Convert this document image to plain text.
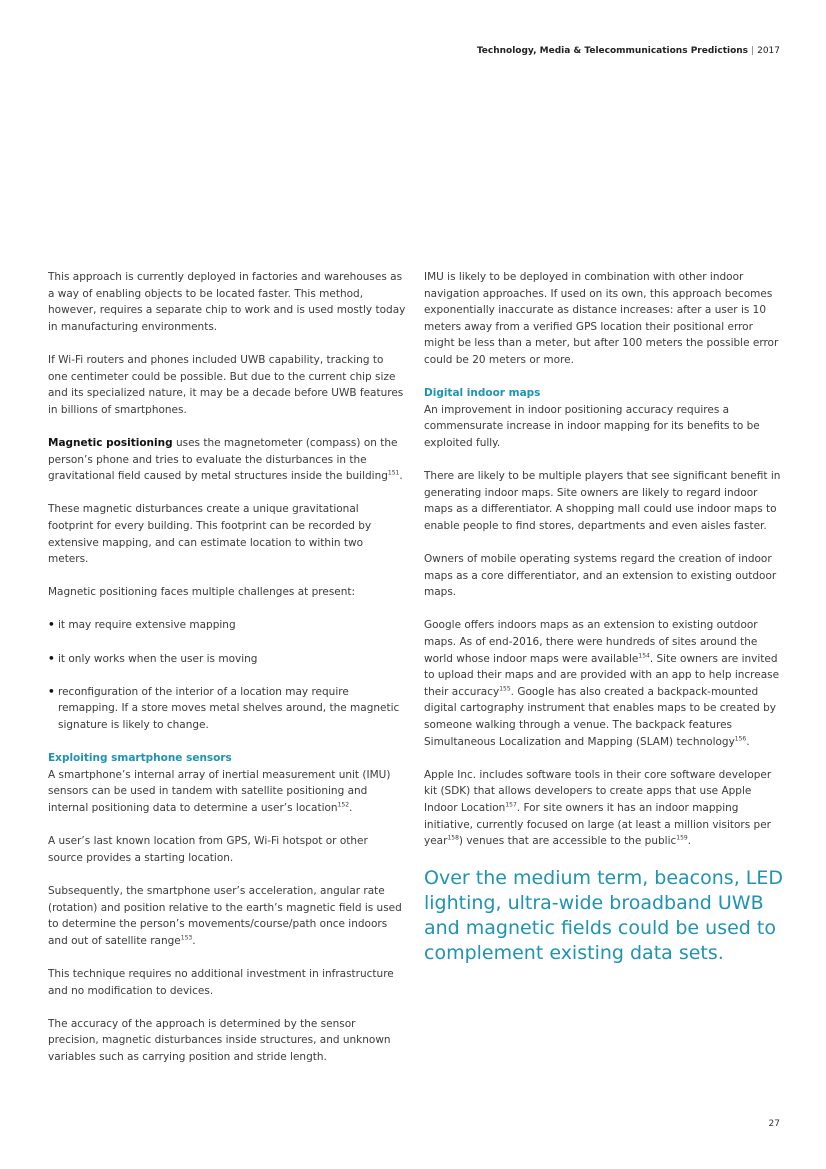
Technology, Media & Telecommunications Predictions | 2017

This approach is currently deployed in factories and warehouses as a way of enabling objects to be located faster. This method, however, requires a separate chip to work and is used mostly today in manufacturing environments.

If Wi-Fi routers and phones included UWB capability, tracking to one centimeter could be possible. But due to the current chip size and its specialized nature, it may be a decade before UWB features in billions of smartphones.

Magnetic positioning uses the magnetometer (compass) on the person’s phone and tries to evaluate the disturbances in the gravitational field caused by metal structures inside the building$^{151}$.

These magnetic disturbances create a unique gravitational footprint for every building. This footprint can be recorded by extensive mapping, and can estimate location to within two meters.

Magnetic positioning faces multiple challenges at present:

• it may require extensive mapping
• it only works when the user is moving
• reconfiguration of the interior of a location may require remapping. If a store moves metal shelves around, the magnetic signature is likely to change.
Exploiting smartphone sensors

A smartphone’s internal array of inertial measurement unit (IMU) sensors can be used in tandem with satellite positioning and internal positioning data to determine a user’s location$^{152}$.

A user’s last known location from GPS, Wi-Fi hotspot or other source provides a starting location.

Subsequently, the smartphone user’s acceleration, angular rate (rotation) and position relative to the earth’s magnetic field is used to determine the person’s movements/course/path once indoors and out of satellite range$^{153}$.

This technique requires no additional investment in infrastructure and no modification to devices.

The accuracy of the approach is determined by the sensor precision, magnetic disturbances inside structures, and unknown variables such as carrying position and stride length.

IMU is likely to be deployed in combination with other indoor navigation approaches. If used on its own, this approach becomes exponentially inaccurate as distance increases: after a user is 10 meters away from a verified GPS location their positional error might be less than a meter, but after 100 meters the possible error could be 20 meters or more.

Digital indoor maps

An improvement in indoor positioning accuracy requires a commensurate increase in indoor mapping for its benefits to be exploited fully.

There are likely to be multiple players that see significant benefit in generating indoor maps. Site owners are likely to regard indoor maps as a differentiator. A shopping mall could use indoor maps to enable people to find stores, departments and even aisles faster.

Owners of mobile operating systems regard the creation of indoor maps as a core differentiator, and an extension to existing outdoor maps.

Google offers indoors maps as an extension to existing outdoor maps. As of end-2016, there were hundreds of sites around the world whose indoor maps were available$^{154}$. Site owners are invited to upload their maps and are provided with an app to help increase their accuracy$^{155}$. Google has also created a backpack-mounted digital cartography instrument that enables maps to be created by someone walking through a venue. The backpack features Simultaneous Localization and Mapping (SLAM) technology$^{156}$.

Apple Inc. includes software tools in their core software developer kit (SDK) that allows developers to create apps that use Apple Indoor Location$^{157}$. For site owners it has an indoor mapping initiative, currently focused on large (at least a million visitors per year$^{158}$) venues that are accessible to the public$^{159}$.

Over the medium term, beacons, LED lighting, ultra-wide broadband UWB and magnetic fields could be used to complement existing data sets.
27
